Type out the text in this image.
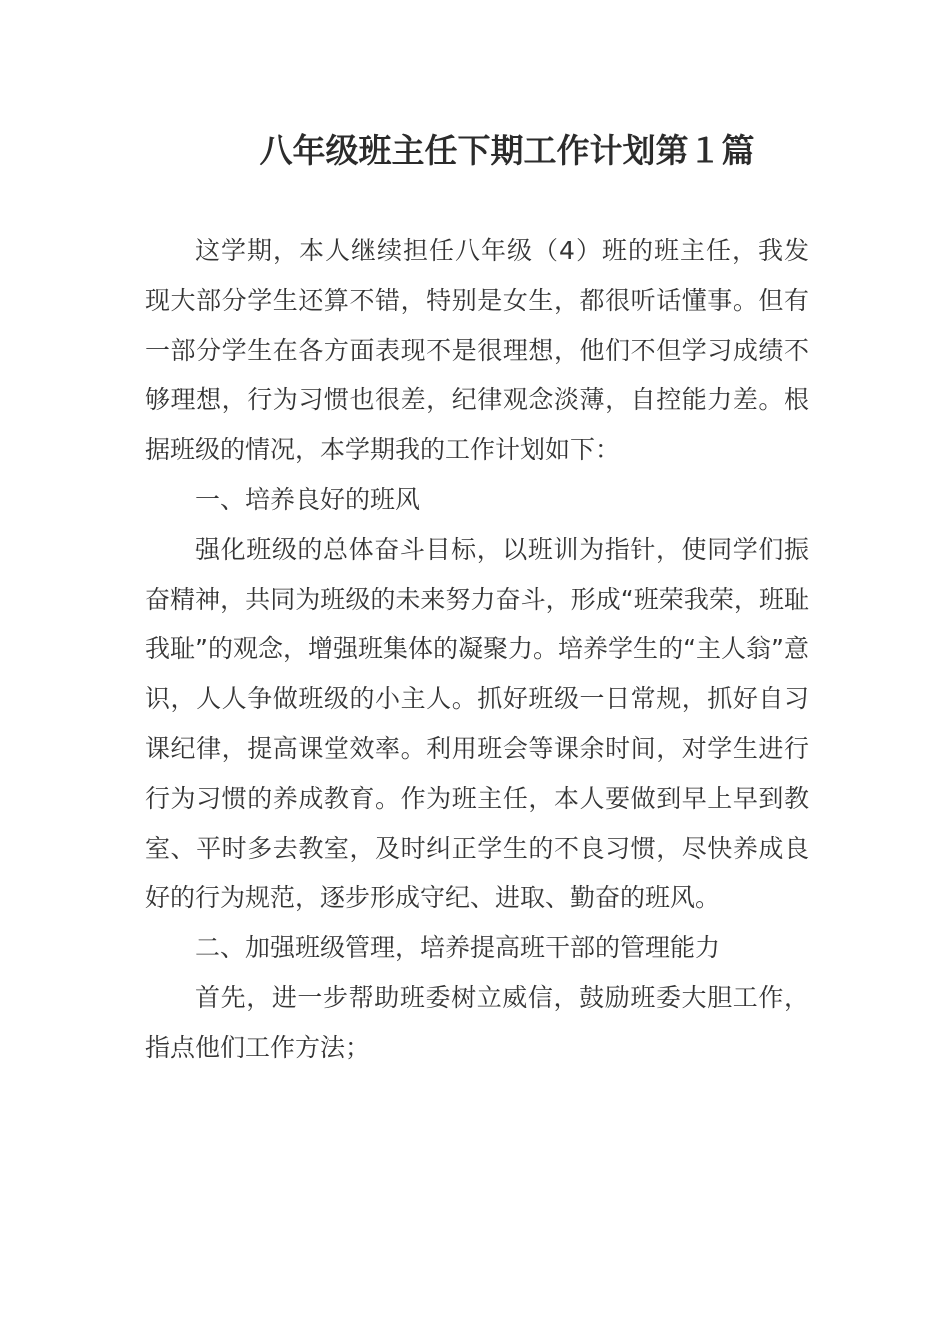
八年级班主任下期工作计划第１篇

这学期，本人继续担任八年级（4）班的班主任，我发现大部分学生还算不错，特别是女生，都很听话懂事。但有一部分学生在各方面表现不是很理想，他们不但学习成绩不够理想，行为习惯也很差，纪律观念淡薄，自控能力差。根据班级的情况，本学期我的工作计划如下：

一、培养良好的班风

强化班级的总体奋斗目标，以班训为指针，使同学们振奋精神，共同为班级的未来努力奋斗，形成“班荣我荣，班耻我耻”的观念，增强班集体的凝聚力。培养学生的“主人翁”意识，人人争做班级的小主人。抓好班级一日常规，抓好自习课纪律，提高课堂效率。利用班会等课余时间，对学生进行行为习惯的养成教育。作为班主任，本人要做到早上早到教室、平时多去教室，及时纠正学生的不良习惯，尽快养成良好的行为规范，逐步形成守纪、进取、勤奋的班风。

二、加强班级管理，培养提高班干部的管理能力

首先，进一步帮助班委树立威信，鼓励班委大胆工作，指点他们工作方法；
